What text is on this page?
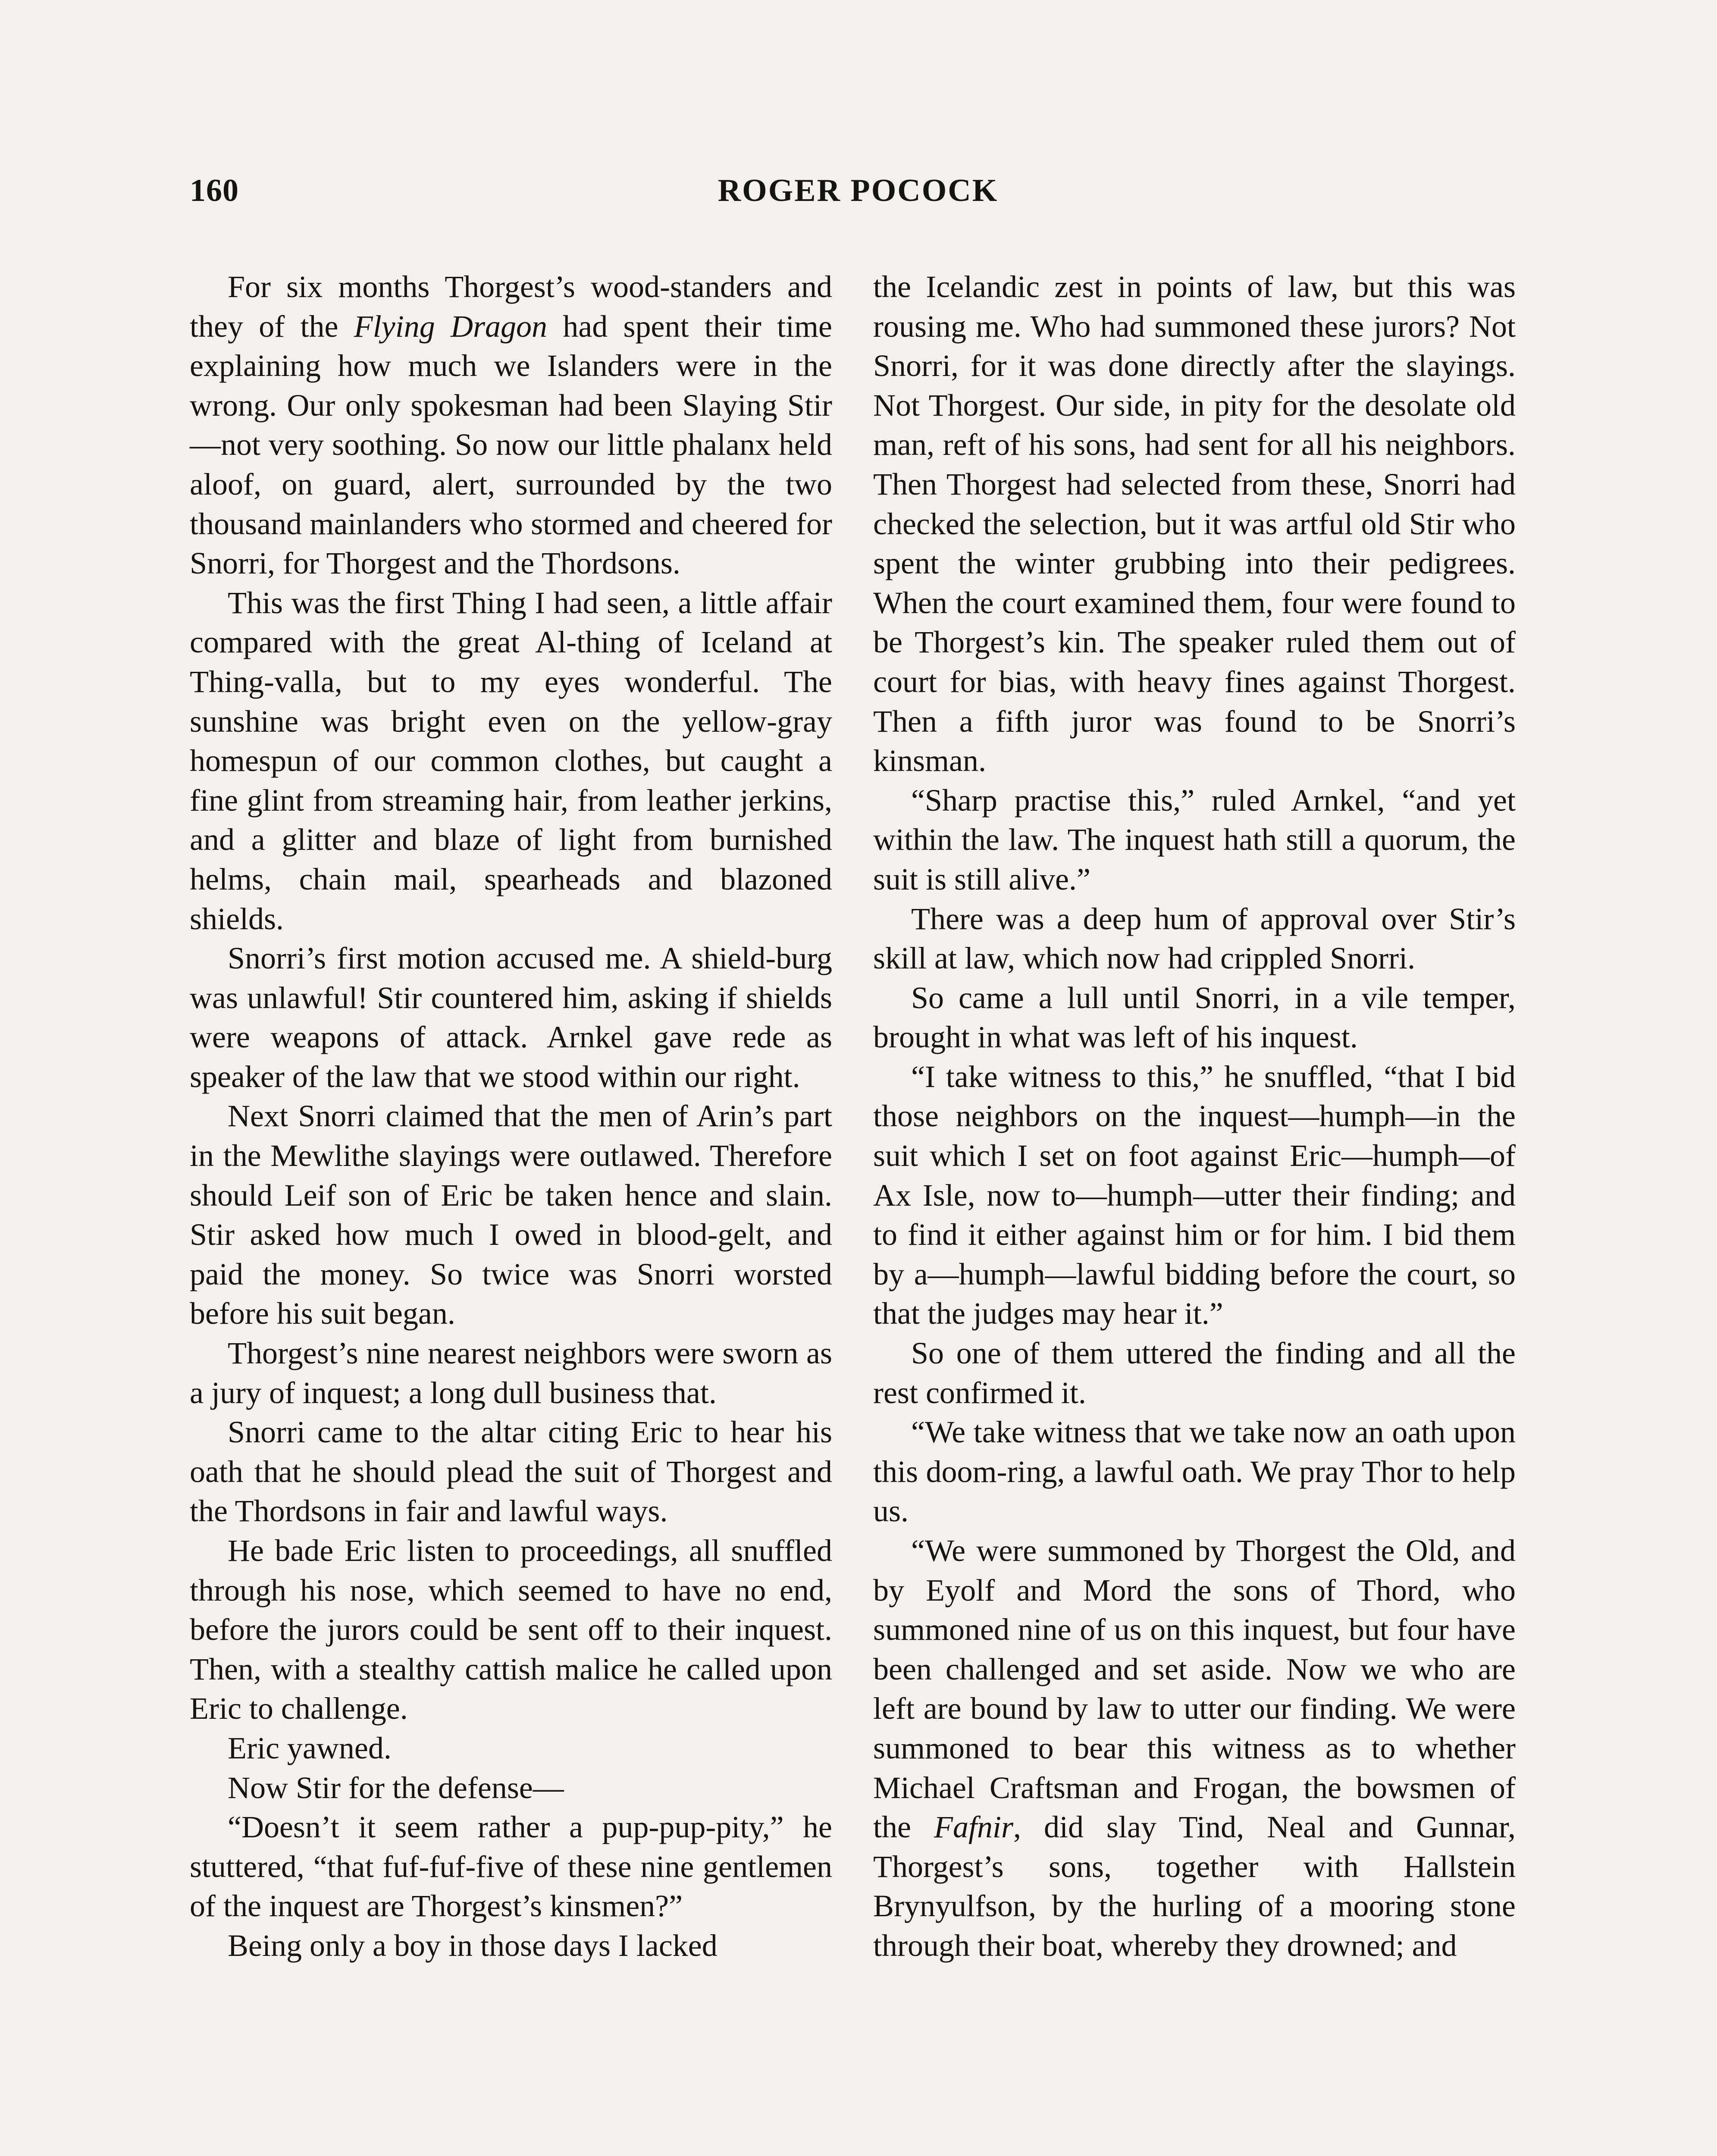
160	ROGER POCOCK

For six months Thorgest’s wood-standers and they of the Flying Dragon had spent their time explaining how much we Islanders were in the wrong. Our only spokesman had been Slaying Stir—not very soothing. So now our little phalanx held aloof, on guard, alert, surrounded by the two thousand mainlanders who stormed and cheered for Snorri, for Thorgest and the Thordsons.

This was the first Thing I had seen, a little affair compared with the great Al-thing of Iceland at Thing-valla, but to my eyes wonderful. The sunshine was bright even on the yellow-gray homespun of our common clothes, but caught a fine glint from streaming hair, from leather jerkins, and a glitter and blaze of light from burnished helms, chain mail, spearheads and blazoned shields.

Snorri’s first motion accused me. A shield-burg was unlawful! Stir countered him, asking if shields were weapons of attack. Arnkel gave rede as speaker of the law that we stood within our right.

Next Snorri claimed that the men of Arin’s part in the Mewlithe slayings were outlawed. Therefore should Leif son of Eric be taken hence and slain. Stir asked how much I owed in blood-gelt, and paid the money. So twice was Snorri worsted before his suit began.

Thorgest’s nine nearest neighbors were sworn as a jury of inquest; a long dull business that.

Snorri came to the altar citing Eric to hear his oath that he should plead the suit of Thorgest and the Thordsons in fair and lawful ways.

He bade Eric listen to proceedings, all snuffled through his nose, which seemed to have no end, before the jurors could be sent off to their inquest. Then, with a stealthy cattish malice he called upon Eric to challenge.

Eric yawned.

Now Stir for the defense—

“Doesn’t it seem rather a pup-pup-pity,” he stuttered, “that fuf-fuf-five of these nine gentlemen of the inquest are Thorgest’s kinsmen?”

Being only a boy in those days I lacked

the Icelandic zest in points of law, but this was rousing me. Who had summoned these jurors? Not Snorri, for it was done directly after the slayings. Not Thorgest. Our side, in pity for the desolate old man, reft of his sons, had sent for all his neighbors. Then Thorgest had selected from these, Snorri had checked the selection, but it was artful old Stir who spent the winter grubbing into their pedigrees. When the court examined them, four were found to be Thorgest’s kin. The speaker ruled them out of court for bias, with heavy fines against Thorgest. Then a fifth juror was found to be Snorri’s kinsman.

“Sharp practise this,” ruled Arnkel, “and yet within the law. The inquest hath still a quorum, the suit is still alive.”

There was a deep hum of approval over Stir’s skill at law, which now had crippled Snorri.

So came a lull until Snorri, in a vile temper, brought in what was left of his inquest.

“I take witness to this,” he snuffled, “that I bid those neighbors on the inquest—humph—in the suit which I set on foot against Eric—humph—of Ax Isle, now to—humph—utter their finding; and to find it either against him or for him. I bid them by a—humph—lawful bidding before the court, so that the judges may hear it.”

So one of them uttered the finding and all the rest confirmed it.

“We take witness that we take now an oath upon this doom-ring, a lawful oath. We pray Thor to help us.

“We were summoned by Thorgest the Old, and by Eyolf and Mord the sons of Thord, who summoned nine of us on this inquest, but four have been challenged and set aside. Now we who are left are bound by law to utter our finding. We were summoned to bear this witness as to whether Michael Craftsman and Frogan, the bowsmen of the Fafnir, did slay Tind, Neal and Gunnar, Thorgest’s sons, together with Hallstein Brynyulfson, by the hurling of a mooring stone through their boat, whereby they drowned; and
